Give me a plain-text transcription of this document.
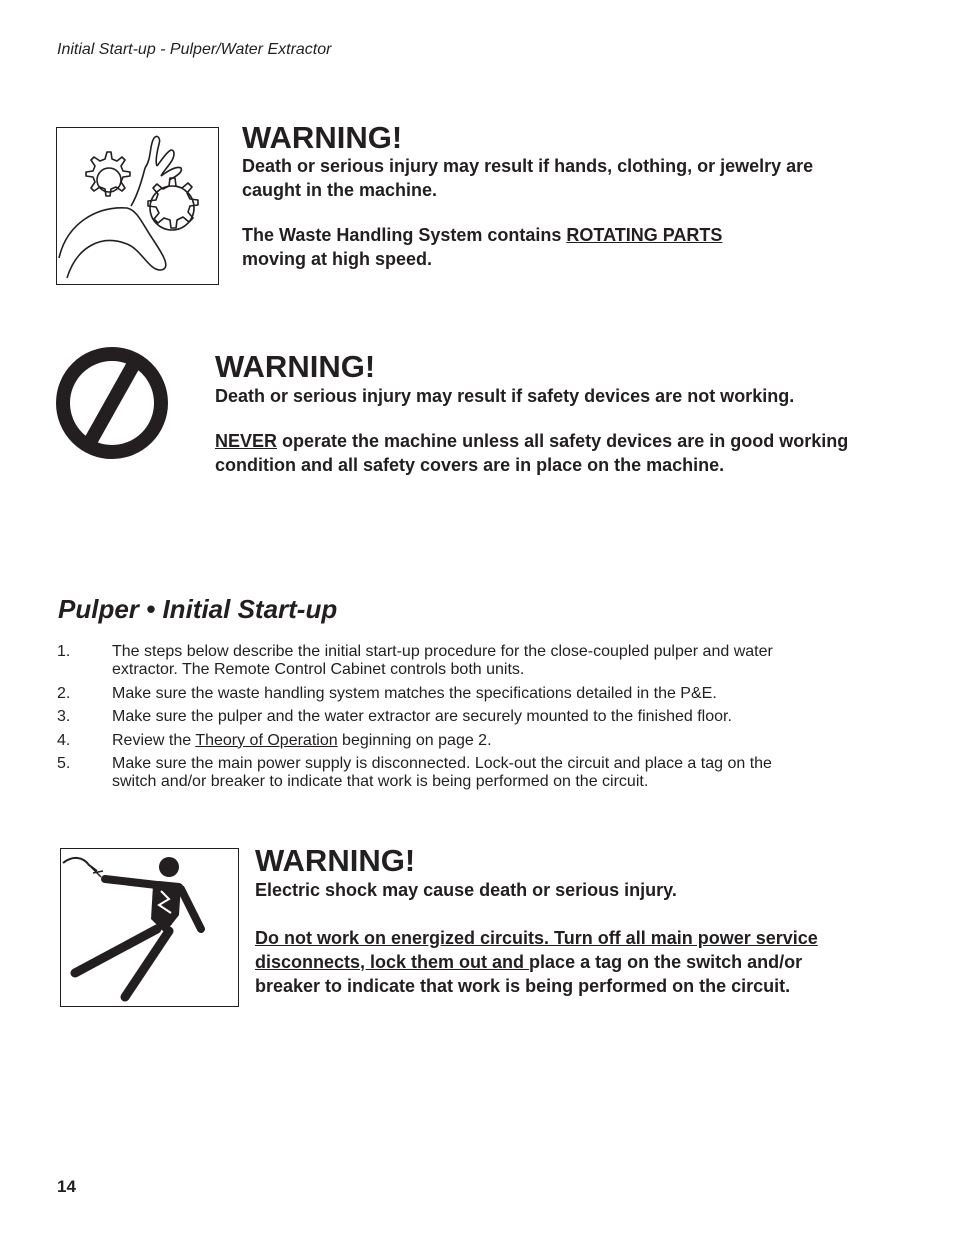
Initial Start-up - Pulper/Water Extractor
WARNING!

Death or serious injury may result if hands, clothing, or jewelry are caught in the machine.

The Waste Handling System contains ROTATING PARTS moving at high speed.

WARNING!

Death or serious injury may result if safety devices are not working.

NEVER operate the machine unless all safety devices are in good working condition and all safety covers are in place on the machine.

Pulper • Initial Start-up
1.	The steps below describe the initial start-up procedure for the close-coupled pulper and water extractor. The Remote Control Cabinet controls both units.
2.	Make sure the waste handling system matches the specifications detailed in the P&E.
3.	Make sure the pulper and the water extractor are securely mounted to the finished floor.
4.	Review the Theory of Operation beginning on page 2.
5.	Make sure the main power supply is disconnected. Lock-out the circuit and place a tag on the switch and/or breaker to indicate that work is being performed on the circuit.
WARNING!

Electric shock may cause death or serious injury.

Do not work on energized circuits. Turn off all main power service disconnects, lock them out and place a tag on the switch and/or breaker to indicate that work is being performed on the circuit.

14
